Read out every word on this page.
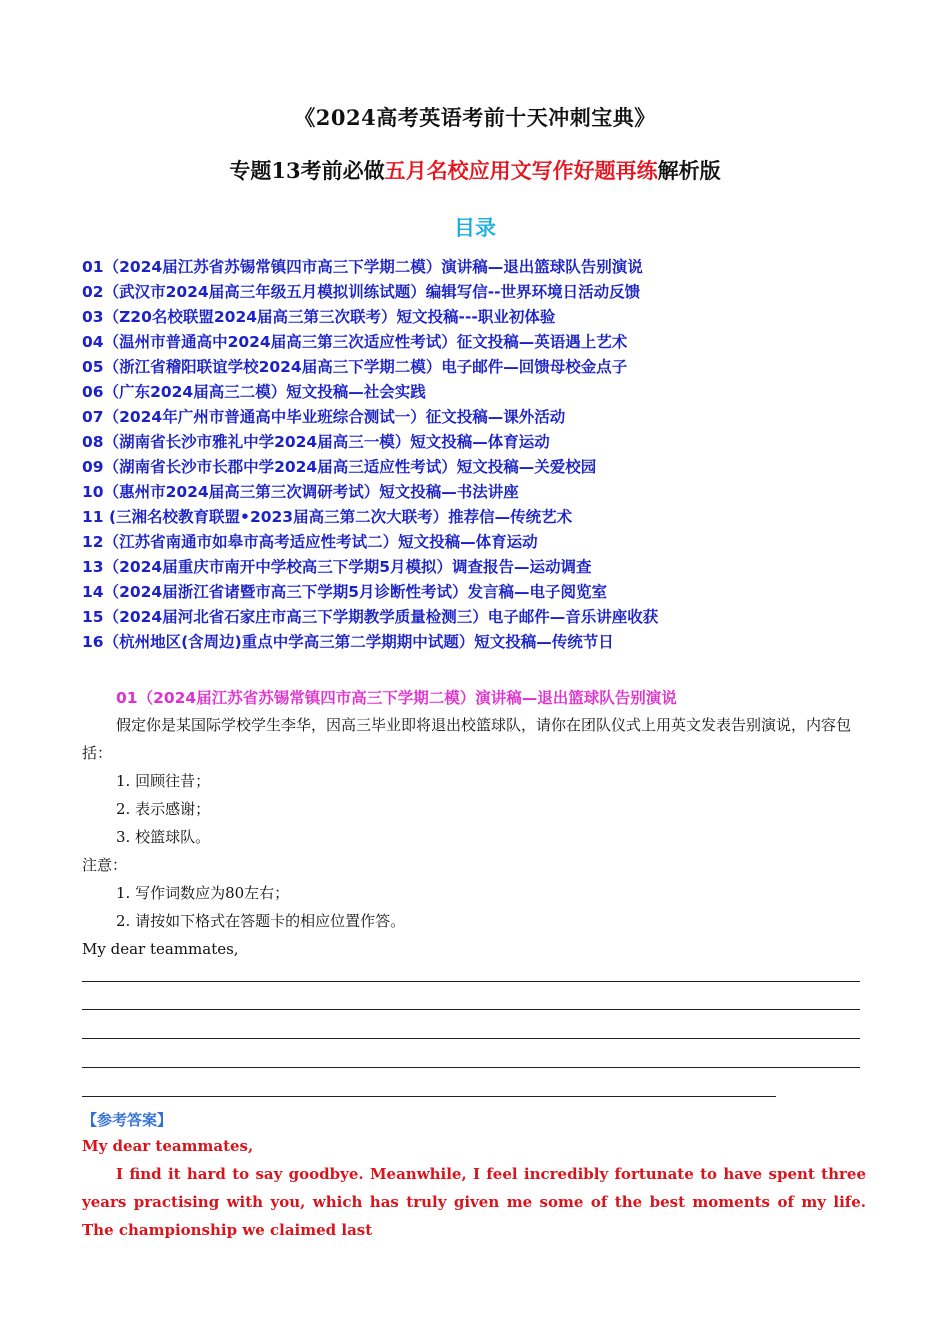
《2024高考英语考前十天冲刺宝典》
专题13考前必做五月名校应用文写作好题再练解析版
目录
01（2024届江苏省苏锡常镇四市高三下学期二模）演讲稿—退出篮球队告别演说
02（武汉市2024届高三年级五月模拟训练试题）编辑写信--世界环境日活动反馈
03（Z20名校联盟2024届高三第三次联考）短文投稿---职业初体验
04（温州市普通高中2024届高三第三次适应性考试）征文投稿—英语遇上艺术
05（浙江省稽阳联谊学校2024届高三下学期二模）电子邮件—回馈母校金点子
06（广东2024届高三二模）短文投稿—社会实践
07（2024年广州市普通高中毕业班综合测试一）征文投稿—课外活动
08（湖南省长沙市雅礼中学2024届高三一模）短文投稿—体育运动
09（湖南省长沙市长郡中学2024届高三适应性考试）短文投稿—关爱校园
10（惠州市2024届高三第三次调研考试）短文投稿—书法讲座
11 (三湘名校教育联盟•2023届高三第二次大联考）推荐信—传统艺术
12（江苏省南通市如皋市高考适应性考试二）短文投稿—体育运动
13（2024届重庆市南开中学校高三下学期5月模拟）调查报告—运动调查
14（2024届浙江省诸暨市高三下学期5月诊断性考试）发言稿—电子阅览室
15（2024届河北省石家庄市高三下学期教学质量检测三）电子邮件—音乐讲座收获
16（杭州地区(含周边)重点中学高三第二学期期中试题）短文投稿—传统节日
01（2024届江苏省苏锡常镇四市高三下学期二模）演讲稿—退出篮球队告别演说
假定你是某国际学校学生李华，因高三毕业即将退出校篮球队，请你在团队仪式上用英文发表告别演说，内容包括：
1. 回顾往昔；
2. 表示感谢；
3. 校篮球队。
注意：
1. 写作词数应为80左右；
2. 请按如下格式在答题卡的相应位置作答。
My dear teammates,
【参考答案】
My dear teammates,
I find it hard to say goodbye. Meanwhile, I feel incredibly fortunate to have spent three years practising with you, which has truly given me some of the best moments of my life. The championship we claimed last
